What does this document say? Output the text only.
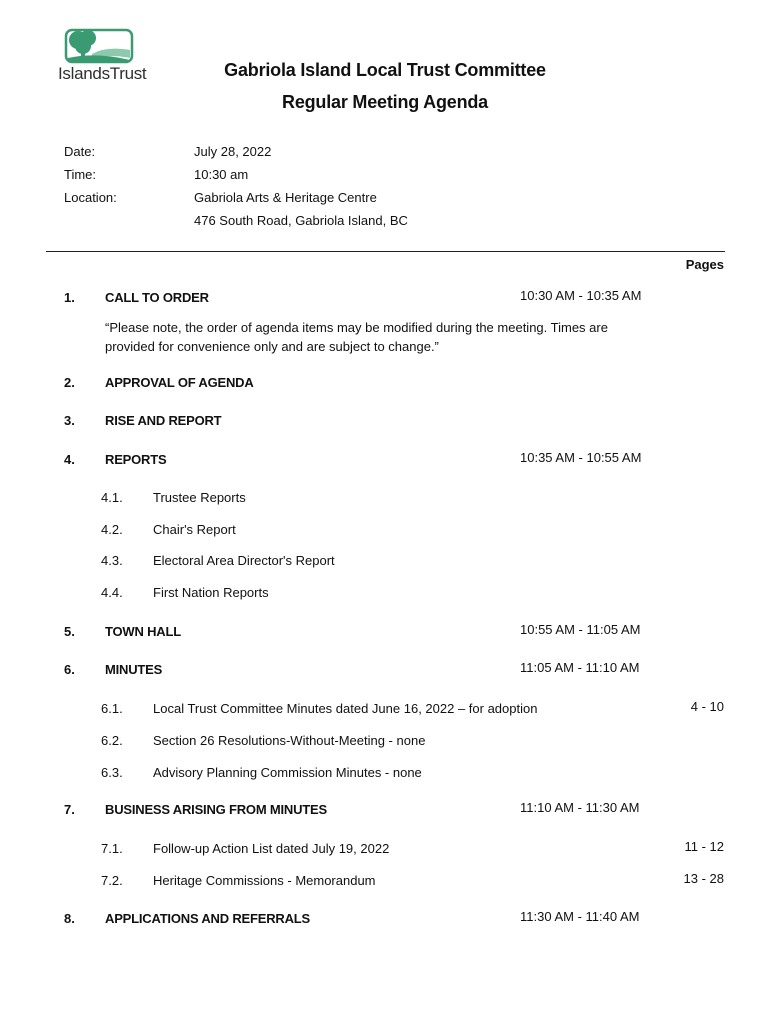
IslandsTrust	Gabriola Island Local Trust Committee
Regular Meeting Agenda
Date:	July 28, 2022
Time:	10:30 am
Location:	Gabriola Arts & Heritage Centre
476 South Road, Gabriola Island, BC
Pages
1. CALL TO ORDER	10:30 AM - 10:35 AM
“Please note, the order of agenda items may be modified during the meeting. Times are provided for convenience only and are subject to change.”
2. APPROVAL OF AGENDA
3. RISE AND REPORT
4. REPORTS	10:35 AM - 10:55 AM
4.1. Trustee Reports
4.2. Chair's Report
4.3. Electoral Area Director's Report
4.4. First Nation Reports
5. TOWN HALL	10:55 AM - 11:05 AM
6. MINUTES	11:05 AM - 11:10 AM
6.1. Local Trust Committee Minutes dated June 16, 2022 – for adoption	4 - 10
6.2. Section 26 Resolutions-Without-Meeting - none
6.3. Advisory Planning Commission Minutes - none
7. BUSINESS ARISING FROM MINUTES	11:10 AM - 11:30 AM
7.1. Follow-up Action List dated July 19, 2022	11 - 12
7.2. Heritage Commissions - Memorandum	13 - 28
8. APPLICATIONS AND REFERRALS	11:30 AM - 11:40 AM
